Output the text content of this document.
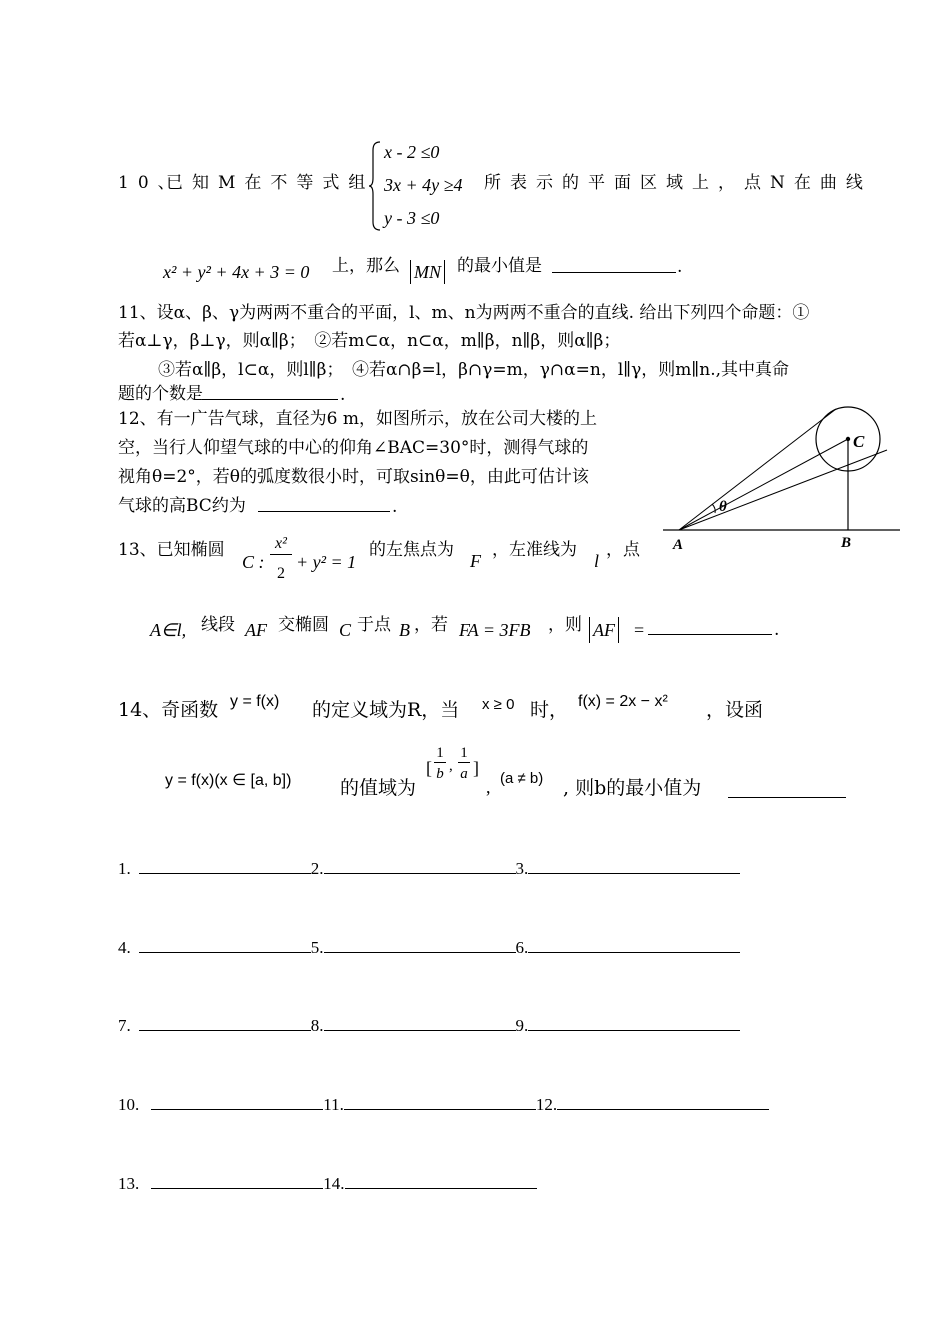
10、
已知M在不等式组
x - 2 ≤0
3x + 4y ≥4
y - 3 ≤0
所表示的平面区域上，点N在曲线
x² + y² + 4x + 3 = 0 上，那么 MN 的最小值是	.
11、设α、β、γ为两两不重合的平面，l、m、n为两两不重合的直线. 给出下列四个命题：①
若α⊥γ，β⊥γ，则α∥β；　②若m⊂α，n⊂α，m∥β，n∥β，则α∥β；
③若α∥β，l⊂α，则l∥β；　④若α∩β=l，β∩γ=m，γ∩α=n，l∥γ，则m∥n.,其中真命
题的个数是	.
12、有一广告气球，直径为6 m，如图所示，放在公司大楼的上
空，当行人仰望气球的中心的仰角∠BAC=30°时，测得气球的
视角θ=2°，若θ的弧度数很小时，可取sinθ=θ，由此可估计该
气球的高BC约为	.	θ
A	B
C
13、已知椭圆
C :
x²
2
+ y² = 1
的左焦点为
F
，左准线为
l
，点
A∈l, 线段 AF 交椭圆 C 于点 B ，若 FA = 3FB ，则 AF =	.
14、奇函数 y = f(x) 的定义域为R，当 x ≥ 0 时， f(x) = 2x − x² ，设函
y = f(x)(x ∈ [a, b])	的值域为
[
1
b ,
1
a ]
, (a ≠ b) , 则b的最小值为
1.	2.	3.
4.	5.	6.
7.	8.	9.
10.	11.	12.
13.	14.
